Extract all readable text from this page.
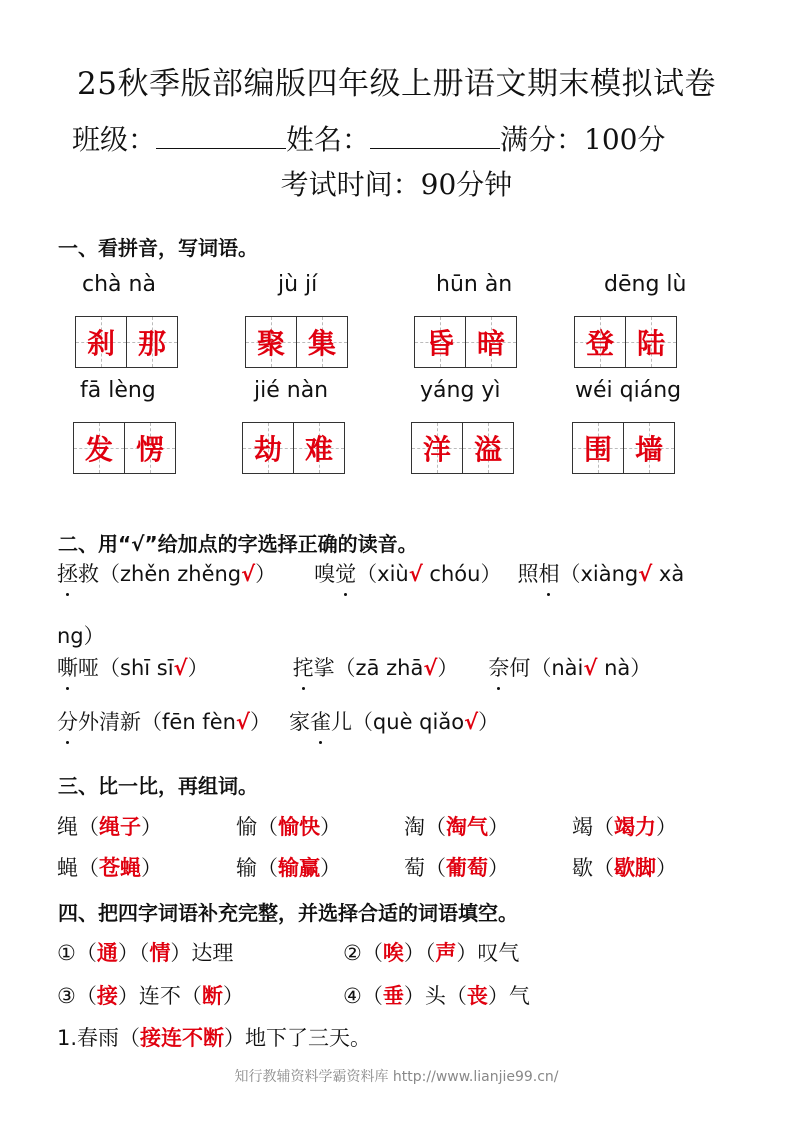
25秋季版部编版四年级上册语文期末模拟试卷
班级：	姓名：	满分：100分
考试时间：90分钟
一、看拼音，写词语。
chà nà	jù jí	hūn àn	dēng lù
刹 那	聚 集	昏 暗	登 陆
fā lèng	jié nàn	yáng yì	wéi qiáng
发 愣	劫 难	洋 溢	围 墙
二、用“√”给加点的字选择正确的读音。
拯救（zhěn zhěng√） 嗅觉（xiù√ chóu） 照相（xiàng√ xà
ng）
嘶哑（shī sī√）	挓挲（zā zhā√） 奈何（nài√ nà）
分外清新（fēn fèn√） 家雀儿（què qiǎo√）
三、比一比，再组词。
绳（绳子）	愉（愉快）	淘（淘气）	竭（竭力）
蝇（苍蝇）	输（输赢）	萄（葡萄）	歇（歇脚）
四、把四字词语补充完整，并选择合适的词语填空。
①（通）（情）达理	②（唉）（声）叹气
③（接）连不（断）	④（垂）头（丧）气
1.春雨（接连不断）地下了三天。
知行教辅资料学霸资料库 http://www.lianjie99.cn/
